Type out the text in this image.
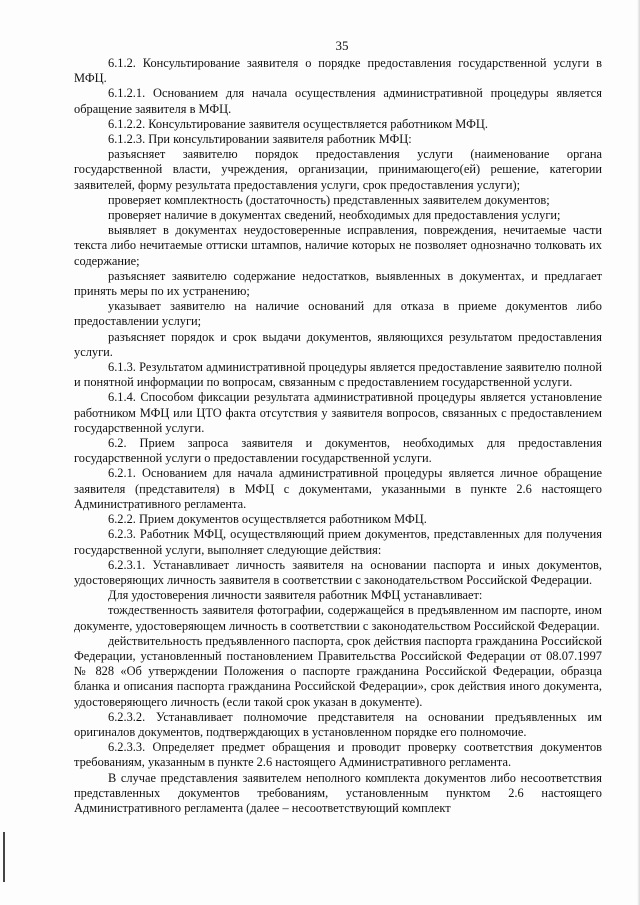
35

6.1.2. Консультирование заявителя о порядке предоставления государственной услуги в МФЦ.

6.1.2.1. Основанием для начала осуществления административной процедуры является обращение заявителя в МФЦ.

6.1.2.2. Консультирование заявителя осуществляется работником МФЦ.

6.1.2.3. При консультировании заявителя работник МФЦ:

разъясняет заявителю порядок предоставления услуги (наименование органа государственной власти, учреждения, организации, принимающего(ей) решение, категории заявителей, форму результата предоставления услуги, срок предоставления услуги);

проверяет комплектность (достаточность) представленных заявителем документов;

проверяет наличие в документах сведений, необходимых для предоставления услуги;

выявляет в документах неудостоверенные исправления, повреждения, нечитаемые части текста либо нечитаемые оттиски штампов, наличие которых не позволяет однозначно толковать их содержание;

разъясняет заявителю содержание недостатков, выявленных в документах, и предлагает принять меры по их устранению;

указывает заявителю на наличие оснований для отказа в приеме документов либо предоставлении услуги;

разъясняет порядок и срок выдачи документов, являющихся результатом предоставления услуги.

6.1.3. Результатом административной процедуры является предоставление заявителю полной и понятной информации по вопросам, связанным с предоставлением государственной услуги.

6.1.4. Способом фиксации результата административной процедуры является установление работником МФЦ или ЦТО факта отсутствия у заявителя вопросов, связанных с предоставлением государственной услуги.

6.2. Прием запроса заявителя и документов, необходимых для предоставления государственной услуги о предоставлении государственной услуги.

6.2.1. Основанием для начала административной процедуры является личное обращение заявителя (представителя) в МФЦ с документами, указанными в пункте 2.6 настоящего Административного регламента.

6.2.2. Прием документов осуществляется работником МФЦ.

6.2.3. Работник МФЦ, осуществляющий прием документов, представленных для получения государственной услуги, выполняет следующие действия:

6.2.3.1. Устанавливает личность заявителя на основании паспорта и иных документов, удостоверяющих личность заявителя в соответствии с законодательством Российской Федерации.

Для удостоверения личности заявителя работник МФЦ устанавливает:

тождественность заявителя фотографии, содержащейся в предъявленном им паспорте, ином документе, удостоверяющем личность в соответствии с законодательством Российской Федерации.

действительность предъявленного паспорта, срок действия паспорта гражданина Российской Федерации, установленный постановлением Правительства Российской Федерации от 08.07.1997 № 828 «Об утверждении Положения о паспорте гражданина Российской Федерации, образца бланка и описания паспорта гражданина Российской Федерации», срок действия иного документа, удостоверяющего личность (если такой срок указан в документе).

6.2.3.2. Устанавливает полномочие представителя на основании предъявленных им оригиналов документов, подтверждающих в установленном порядке его полномочие.

6.2.3.3. Определяет предмет обращения и проводит проверку соответствия документов требованиям, указанным в пункте 2.6 настоящего Административного регламента.

В случае представления заявителем неполного комплекта документов либо несоответствия представленных документов требованиям, установленным пунктом 2.6 настоящего Административного регламента (далее – несоответствующий комплект
